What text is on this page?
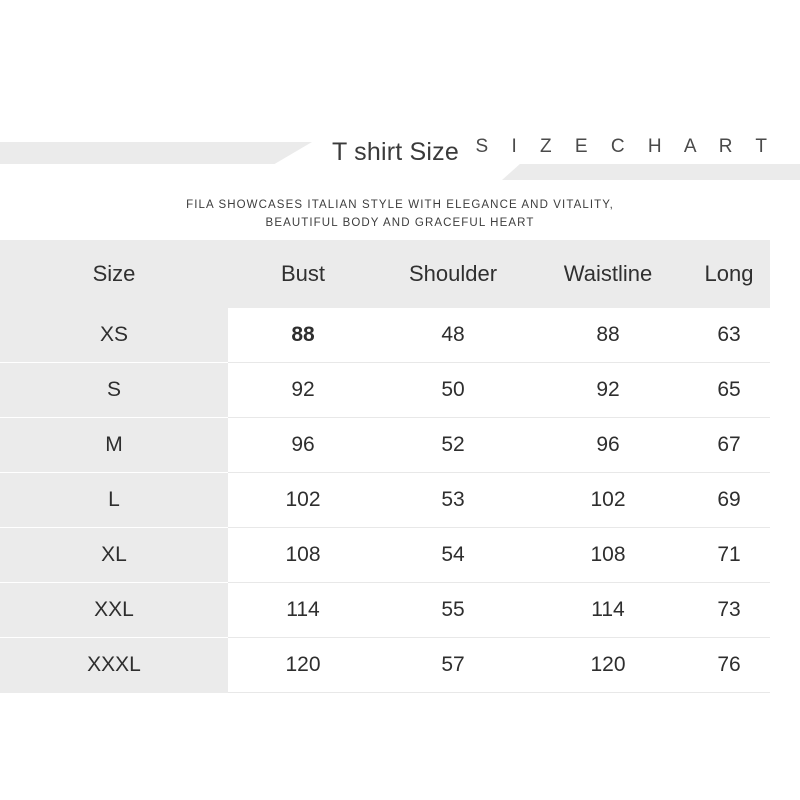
T shirt Size S I Z E C H A R T
FILA SHOWCASES ITALIAN STYLE WITH ELEGANCE AND VITALITY,
BEAUTIFUL BODY AND GRACEFUL HEART
Size	Bust	Shoulder	Waistline	Long
XS	88	48	88	63
S	92	50	92	65
M	96	52	96	67
L	102	53	102	69
XL	108	54	108	71
XXL	114	55	114	73
XXXL	120	57	120	76
